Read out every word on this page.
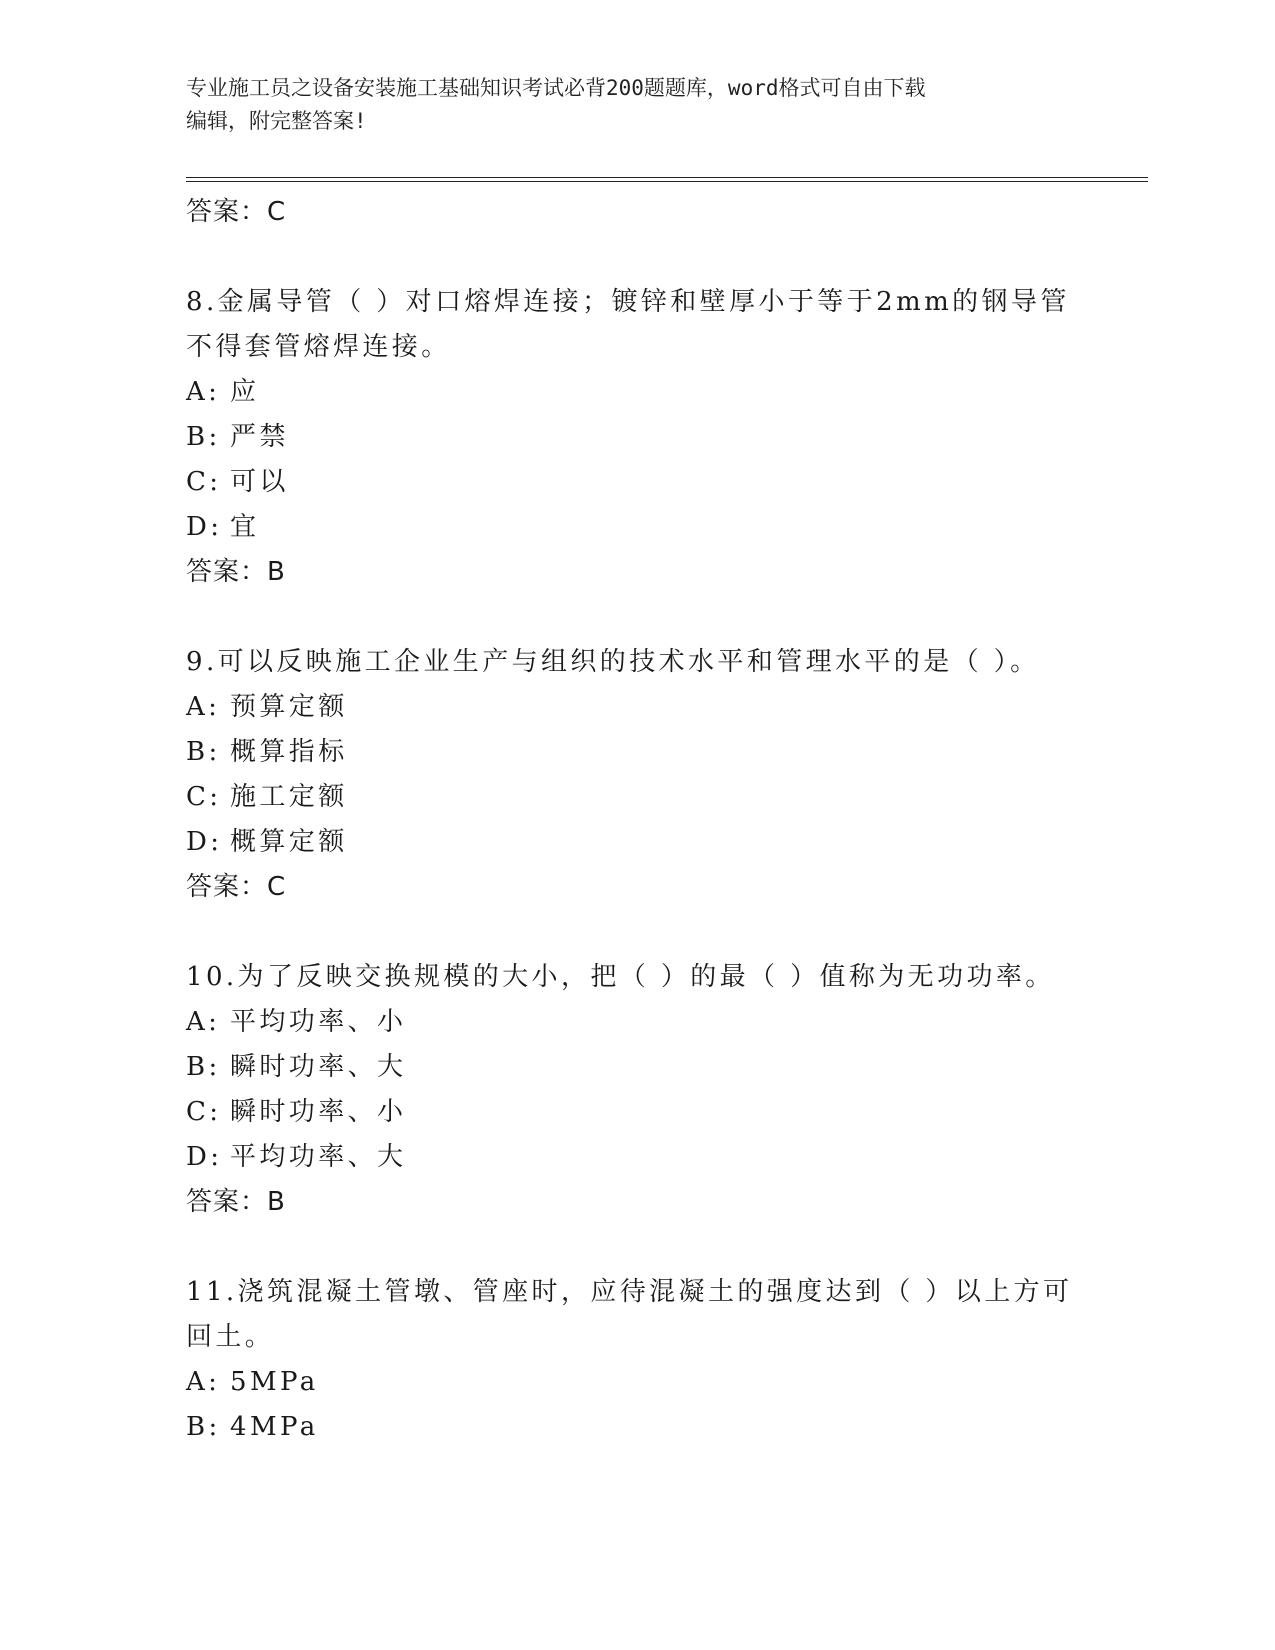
专业施工员之设备安装施工基础知识考试必背200题题库，word格式可自由下载
编辑，附完整答案!
答案：C
8.金属导管（ ）对口熔焊连接；镀锌和壁厚小于等于2mm的钢导管不得套管熔焊连接。
A: 应
B: 严禁
C: 可以
D: 宜
答案：B
9.可以反映施工企业生产与组织的技术水平和管理水平的是（ ）。
A: 预算定额
B: 概算指标
C: 施工定额
D: 概算定额
答案：C
10.为了反映交换规模的大小，把（ ）的最（ ）值称为无功功率。
A: 平均功率、小
B: 瞬时功率、大
C: 瞬时功率、小
D: 平均功率、大
答案：B
11.浇筑混凝土管墩、管座时，应待混凝土的强度达到（ ）以上方可回土。
A: 5MPa
B: 4MPa
